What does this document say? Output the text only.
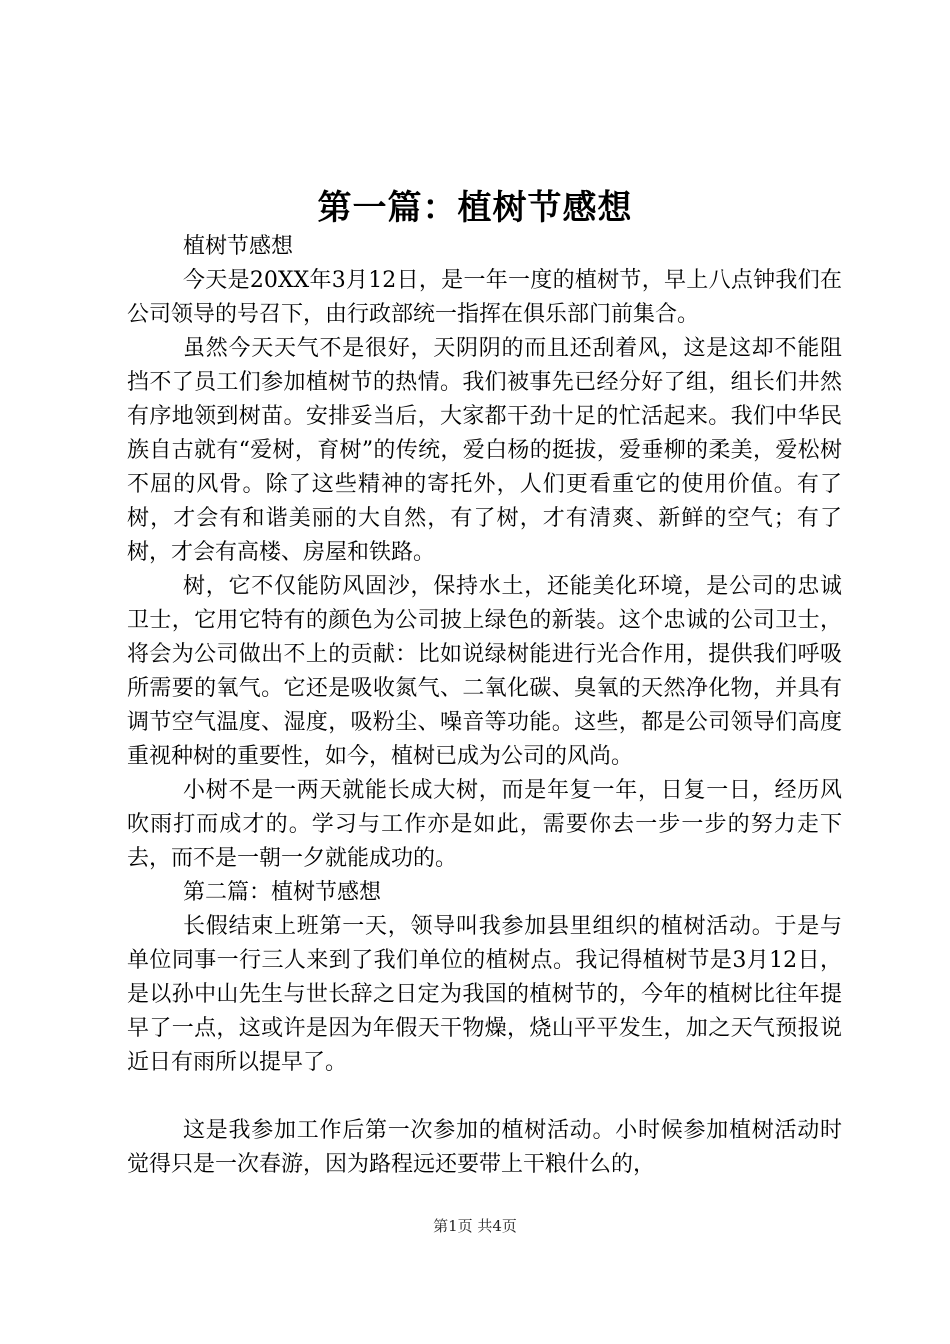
第一篇：植树节感想

植树节感想

今天是20XX年3月12日，是一年一度的植树节，早上八点钟我们在公司领导的号召下，由行政部统一指挥在俱乐部门前集合。

虽然今天天气不是很好，天阴阴的而且还刮着风，这是这却不能阻挡不了员工们参加植树节的热情。我们被事先已经分好了组，组长们井然有序地领到树苗。安排妥当后，大家都干劲十足的忙活起来。我们中华民族自古就有“爱树，育树”的传统，爱白杨的挺拔，爱垂柳的柔美，爱松树不屈的风骨。除了这些精神的寄托外，人们更看重它的使用价值。有了树，才会有和谐美丽的大自然，有了树，才有清爽、新鲜的空气；有了树，才会有高楼、房屋和铁路。

树，它不仅能防风固沙，保持水土，还能美化环境，是公司的忠诚卫士，它用它特有的颜色为公司披上绿色的新装。这个忠诚的公司卫士，将会为公司做出不上的贡献：比如说绿树能进行光合作用，提供我们呼吸所需要的氧气。它还是吸收氮气、二氧化碳、臭氧的天然净化物，并具有调节空气温度、湿度，吸粉尘、噪音等功能。这些，都是公司领导们高度重视种树的重要性，如今，植树已成为公司的风尚。

小树不是一两天就能长成大树，而是年复一年，日复一日，经历风吹雨打而成才的。学习与工作亦是如此，需要你去一步一步的努力走下去，而不是一朝一夕就能成功的。

第二篇：植树节感想

长假结束上班第一天，领导叫我参加县里组织的植树活动。于是与单位同事一行三人来到了我们单位的植树点。我记得植树节是3月12日，是以孙中山先生与世长辞之日定为我国的植树节的，今年的植树比往年提早了一点，这或许是因为年假天干物燥，烧山平平发生，加之天气预报说近日有雨所以提早了。

这是我参加工作后第一次参加的植树活动。小时候参加植树活动时觉得只是一次春游，因为路程远还要带上干粮什么的，

第1页 共4页
